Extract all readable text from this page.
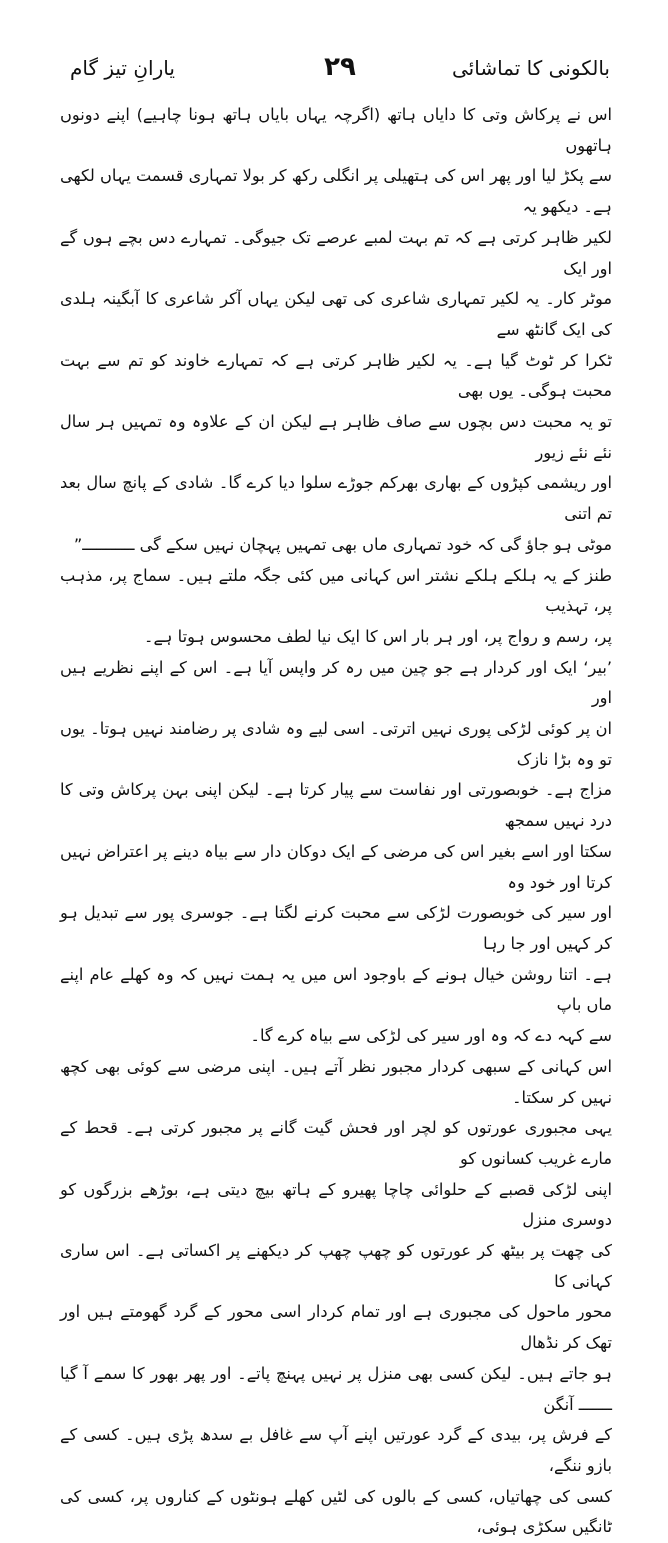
بالکونی کا تماشائی
۲۹
یارانِ تیز گام

اس نے پرکاش وتی کا دایاں ہاتھ (اگرچہ یہاں بایاں ہاتھ ہونا چاہیے) اپنے دونوں ہاتھوں
سے پکڑ لیا اور پھر اس کی ہتھیلی پر انگلی رکھ کر بولا تمہاری قسمت یہاں لکھی ہے۔ دیکھو یہ
لکیر ظاہر کرتی ہے کہ تم بہت لمبے عرصے تک جیوگی۔ تمہارے دس بچے ہوں گے اور ایک
موٹر کار۔ یہ لکیر تمہاری شاعری کی تھی لیکن یہاں آکر شاعری کا آبگینہ ہلدی کی ایک گانٹھ سے
ٹکرا کر ٹوٹ گیا ہے۔ یہ لکیر ظاہر کرتی ہے کہ تمہارے خاوند کو تم سے بہت محبت ہوگی۔ یوں بھی
تو یہ محبت دس بچوں سے صاف ظاہر ہے لیکن ان کے علاوہ وہ تمہیں ہر سال نئے نئے زیور
اور ریشمی کپڑوں کے بھاری بھرکم جوڑے سلوا دیا کرے گا۔ شادی کے پانچ سال بعد تم اتنی
موٹی ہو جاؤ گی کہ خود تمہاری ماں بھی تمہیں پہچان نہیں سکے گی ـــــــــــ”

طنز کے یہ ہلکے ہلکے نشتر اس کہانی میں کئی جگہ ملتے ہیں۔ سماج پر، مذہب پر، تہذیب
پر، رسم و رواج پر، اور ہر بار اس کا ایک نیا لطف محسوس ہوتا ہے۔

’بیر‘ ایک اور کردار ہے جو چین میں رہ کر واپس آیا ہے۔ اس کے اپنے نظریے ہیں اور
ان پر کوئی لڑکی پوری نہیں اترتی۔ اسی لیے وہ شادی پر رضامند نہیں ہوتا۔ یوں تو وہ بڑا نازک
مزاج ہے۔ خوبصورتی اور نفاست سے پیار کرتا ہے۔ لیکن اپنی بہن پرکاش وتی کا درد نہیں سمجھ
سکتا اور اسے بغیر اس کی مرضی کے ایک دوکان دار سے بیاہ دینے پر اعتراض نہیں کرتا اور خود وہ
اور سیر کی خوبصورت لڑکی سے محبت کرنے لگتا ہے۔ جوسری پور سے تبدیل ہو کر کہیں اور جا رہا
ہے۔ اتنا روشن خیال ہونے کے باوجود اس میں یہ ہمت نہیں کہ وہ کھلے عام اپنے ماں باپ
سے کہہ دے کہ وہ اور سیر کی لڑکی سے بیاہ کرے گا۔

اس کہانی کے سبھی کردار مجبور نظر آتے ہیں۔ اپنی مرضی سے کوئی بھی کچھ نہیں کر سکتا۔
یہی مجبوری عورتوں کو لچر اور فحش گیت گانے پر مجبور کرتی ہے۔ قحط کے مارے غریب کسانوں کو
اپنی لڑکی قصبے کے حلوائی چاچا پھیرو کے ہاتھ بیچ دیتی ہے، بوڑھے بزرگوں کو دوسری منزل
کی چھت پر بیٹھ کر عورتوں کو چھپ چھپ کر دیکھنے پر اکساتی ہے۔ اس ساری کہانی کا
محور ماحول کی مجبوری ہے اور تمام کردار اسی محور کے گرد گھومتے ہیں اور تھک کر نڈھال
ہو جاتے ہیں۔ لیکن کسی بھی منزل پر نہیں پہنچ پاتے۔ اور پھر بھور کا سمے آ گیا ـــــــ آنگن
کے فرش پر، بیدی کے گرد عورتیں اپنے آپ سے غافل بے سدھ پڑی ہیں۔ کسی کے بازو ننگے،
کسی کی چھاتیاں، کسی کے بالوں کی لٹیں کھلے ہونٹوں کے کناروں پر، کسی کی ٹانگیں سکڑی ہوئی،
